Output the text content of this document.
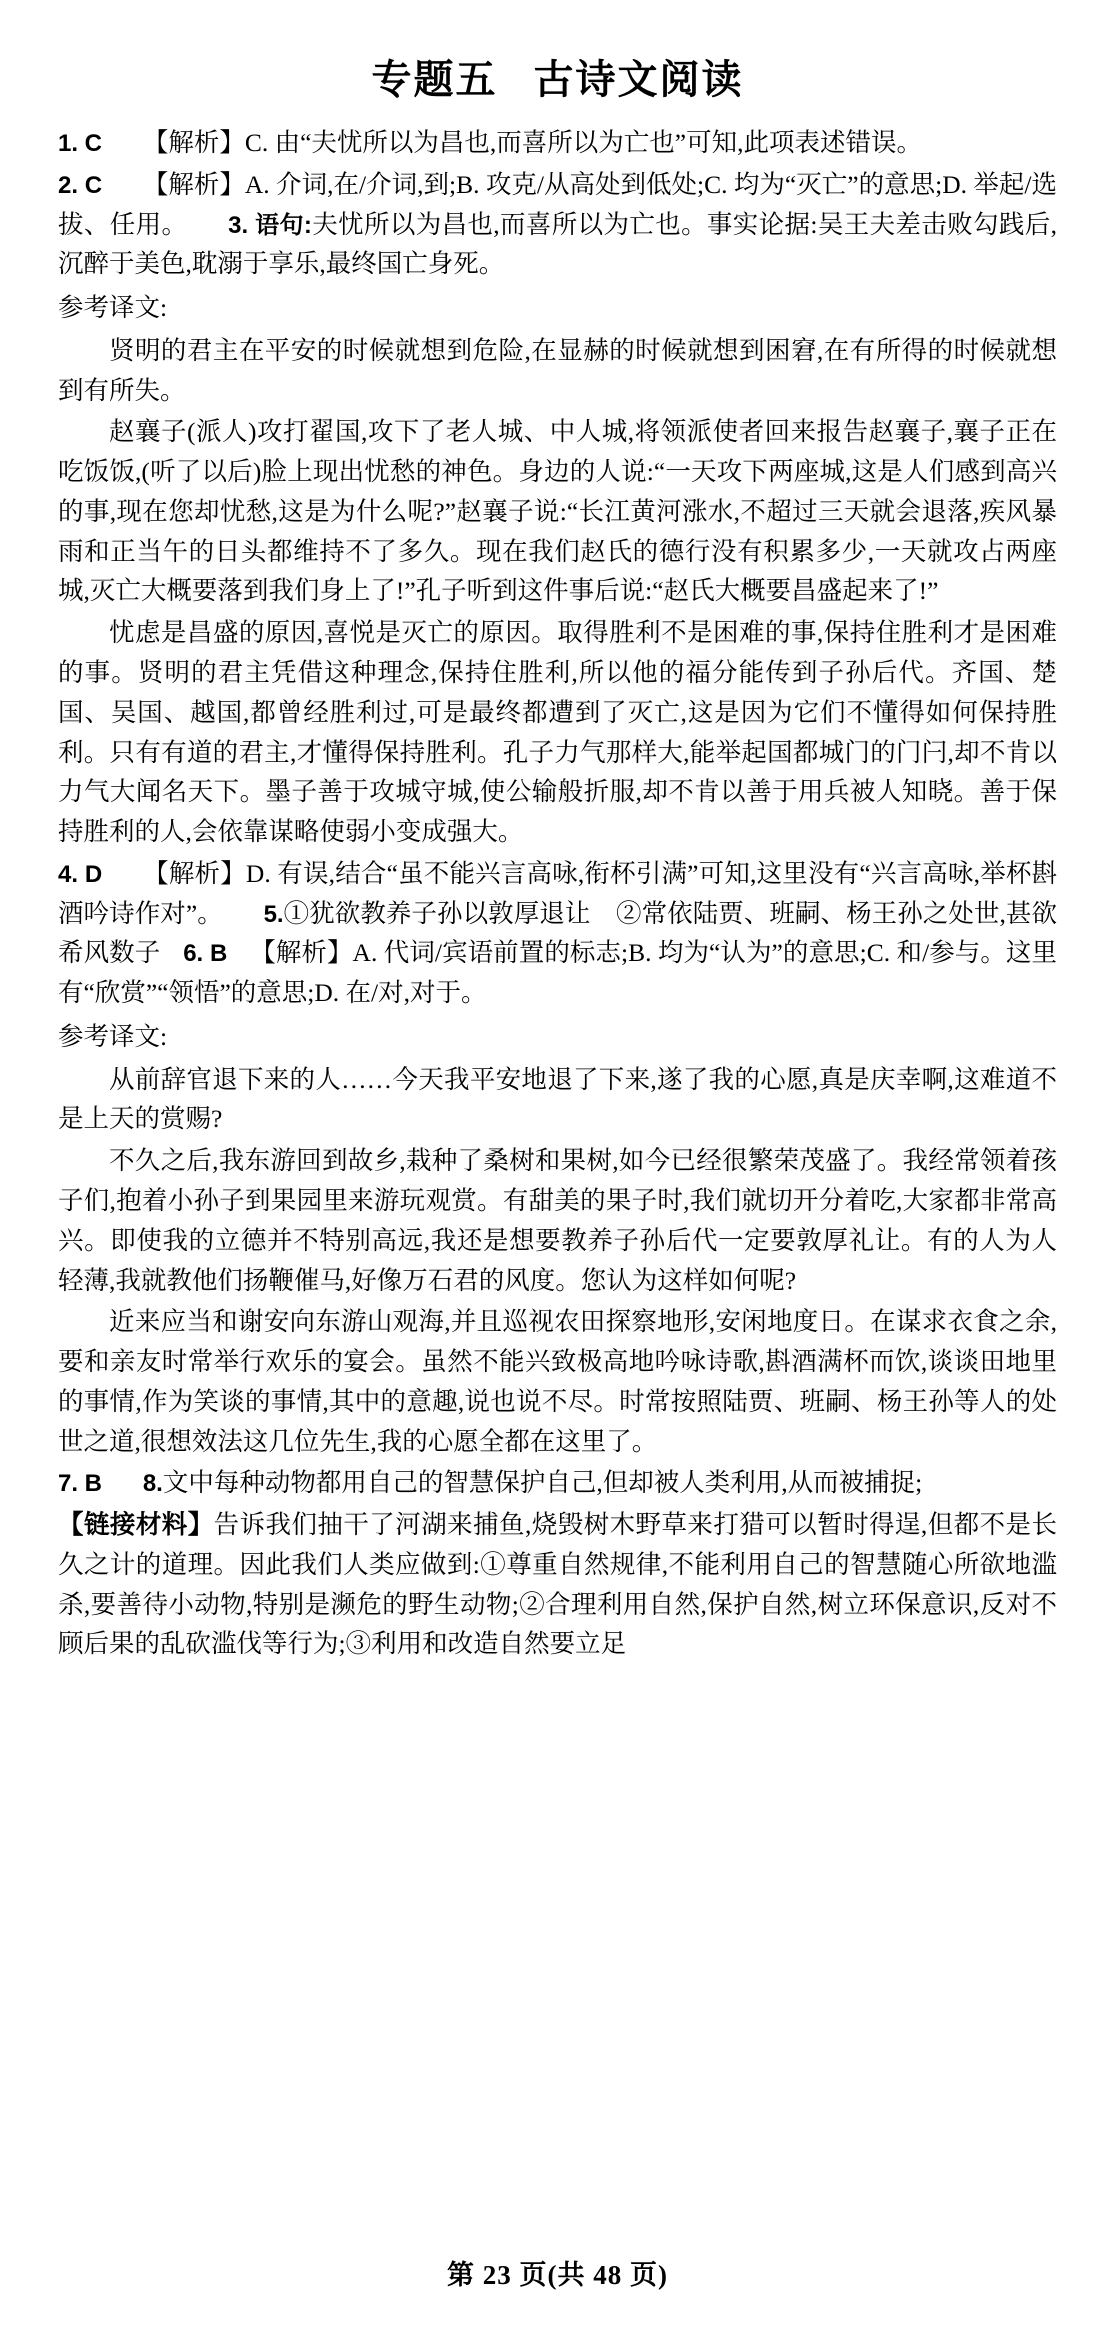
专题五 古诗文阅读

1. C 【解析】C. 由“夫忧所以为昌也,而喜所以为亡也”可知,此项表述错误。

2. C 【解析】A. 介词,在/介词,到;B. 攻克/从高处到低处;C. 均为“灭亡”的意思;D. 举起/选拔、任用。 3. 语句:夫忧所以为昌也,而喜所以为亡也。事实论据:吴王夫差击败勾践后,沉醉于美色,耽溺于享乐,最终国亡身死。

参考译文:

贤明的君主在平安的时候就想到危险,在显赫的时候就想到困窘,在有所得的时候就想到有所失。

赵襄子(派人)攻打翟国,攻下了老人城、中人城,将领派使者回来报告赵襄子,襄子正在吃饭饭,(听了以后)脸上现出忧愁的神色。身边的人说:“一天攻下两座城,这是人们感到高兴的事,现在您却忧愁,这是为什么呢?”赵襄子说:“长江黄河涨水,不超过三天就会退落,疾风暴雨和正当午的日头都维持不了多久。现在我们赵氏的德行没有积累多少,一天就攻占两座城,灭亡大概要落到我们身上了!”孔子听到这件事后说:“赵氏大概要昌盛起来了!”

忧虑是昌盛的原因,喜悦是灭亡的原因。取得胜利不是困难的事,保持住胜利才是困难的事。贤明的君主凭借这种理念,保持住胜利,所以他的福分能传到子孙后代。齐国、楚国、吴国、越国,都曾经胜利过,可是最终都遭到了灭亡,这是因为它们不懂得如何保持胜利。只有有道的君主,才懂得保持胜利。孔子力气那样大,能举起国都城门的门闩,却不肯以力气大闻名天下。墨子善于攻城守城,使公输般折服,却不肯以善于用兵被人知晓。善于保持胜利的人,会依靠谋略使弱小变成强大。

4. D 【解析】D. 有误,结合“虽不能兴言高咏,衔杯引满”可知,这里没有“兴言高咏,举杯斟酒吟诗作对”。 5.①犹欲教养子孙以敦厚退让　②常依陆贾、班嗣、杨王孙之处世,甚欲希风数子 6. B 【解析】A. 代词/宾语前置的标志;B. 均为“认为”的意思;C. 和/参与。这里有“欣赏”“领悟”的意思;D. 在/对,对于。

参考译文:

从前辞官退下来的人……今天我平安地退了下来,遂了我的心愿,真是庆幸啊,这难道不是上天的赏赐?

不久之后,我东游回到故乡,栽种了桑树和果树,如今已经很繁荣茂盛了。我经常领着孩子们,抱着小孙子到果园里来游玩观赏。有甜美的果子时,我们就切开分着吃,大家都非常高兴。即使我的立德并不特别高远,我还是想要教养子孙后代一定要敦厚礼让。有的人为人轻薄,我就教他们扬鞭催马,好像万石君的风度。您认为这样如何呢?

近来应当和谢安向东游山观海,并且巡视农田探察地形,安闲地度日。在谋求衣食之余,要和亲友时常举行欢乐的宴会。虽然不能兴致极高地吟咏诗歌,斟酒满杯而饮,谈谈田地里的事情,作为笑谈的事情,其中的意趣,说也说不尽。时常按照陆贾、班嗣、杨王孙等人的处世之道,很想效法这几位先生,我的心愿全都在这里了。

7. B 8.文中每种动物都用自己的智慧保护自己,但却被人类利用,从而被捕捉;

【链接材料】告诉我们抽干了河湖来捕鱼,烧毁树木野草来打猎可以暂时得逞,但都不是长久之计的道理。因此我们人类应做到:①尊重自然规律,不能利用自己的智慧随心所欲地滥杀,要善待小动物,特别是濒危的野生动物;②合理利用自然,保护自然,树立环保意识,反对不顾后果的乱砍滥伐等行为;③利用和改造自然要立足

第 23 页(共 48 页)
